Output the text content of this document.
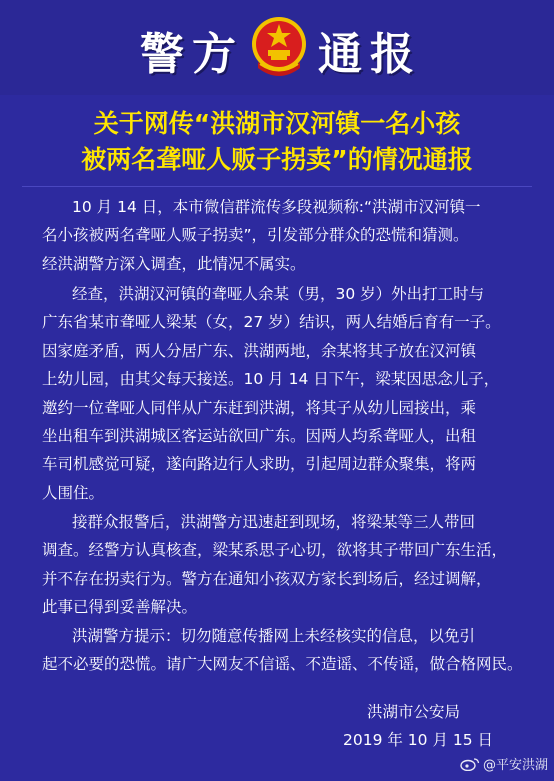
警方 通报
关于网传“洪湖市汉河镇一名小孩
被两名聋哑人贩子拐卖”的情况通报
10 月 14 日，本市微信群流传多段视频称:“洪湖市汉河镇一
名小孩被两名聋哑人贩子拐卖”，引发部分群众的恐慌和猜测。
经洪湖警方深入调查，此情况不属实。
经查，洪湖汉河镇的聋哑人余某（男，30 岁）外出打工时与
广东省某市聋哑人梁某（女，27 岁）结识，两人结婚后育有一子。
因家庭矛盾，两人分居广东、洪湖两地，余某将其子放在汉河镇
上幼儿园，由其父每天接送。10 月 14 日下午，梁某因思念儿子，
邀约一位聋哑人同伴从广东赶到洪湖，将其子从幼儿园接出，乘
坐出租车到洪湖城区客运站欲回广东。因两人均系聋哑人，出租
车司机感觉可疑，遂向路边行人求助，引起周边群众聚集，将两
人围住。
接群众报警后，洪湖警方迅速赶到现场，将梁某等三人带回
调查。经警方认真核查，梁某系思子心切，欲将其子带回广东生活，
并不存在拐卖行为。警方在通知小孩双方家长到场后，经过调解，
此事已得到妥善解决。
洪湖警方提示：切勿随意传播网上未经核实的信息，以免引
起不必要的恐慌。请广大网友不信谣、不造谣、不传谣，做合格网民。
洪湖市公安局
2019 年 10 月 15 日
@平安洪湖
